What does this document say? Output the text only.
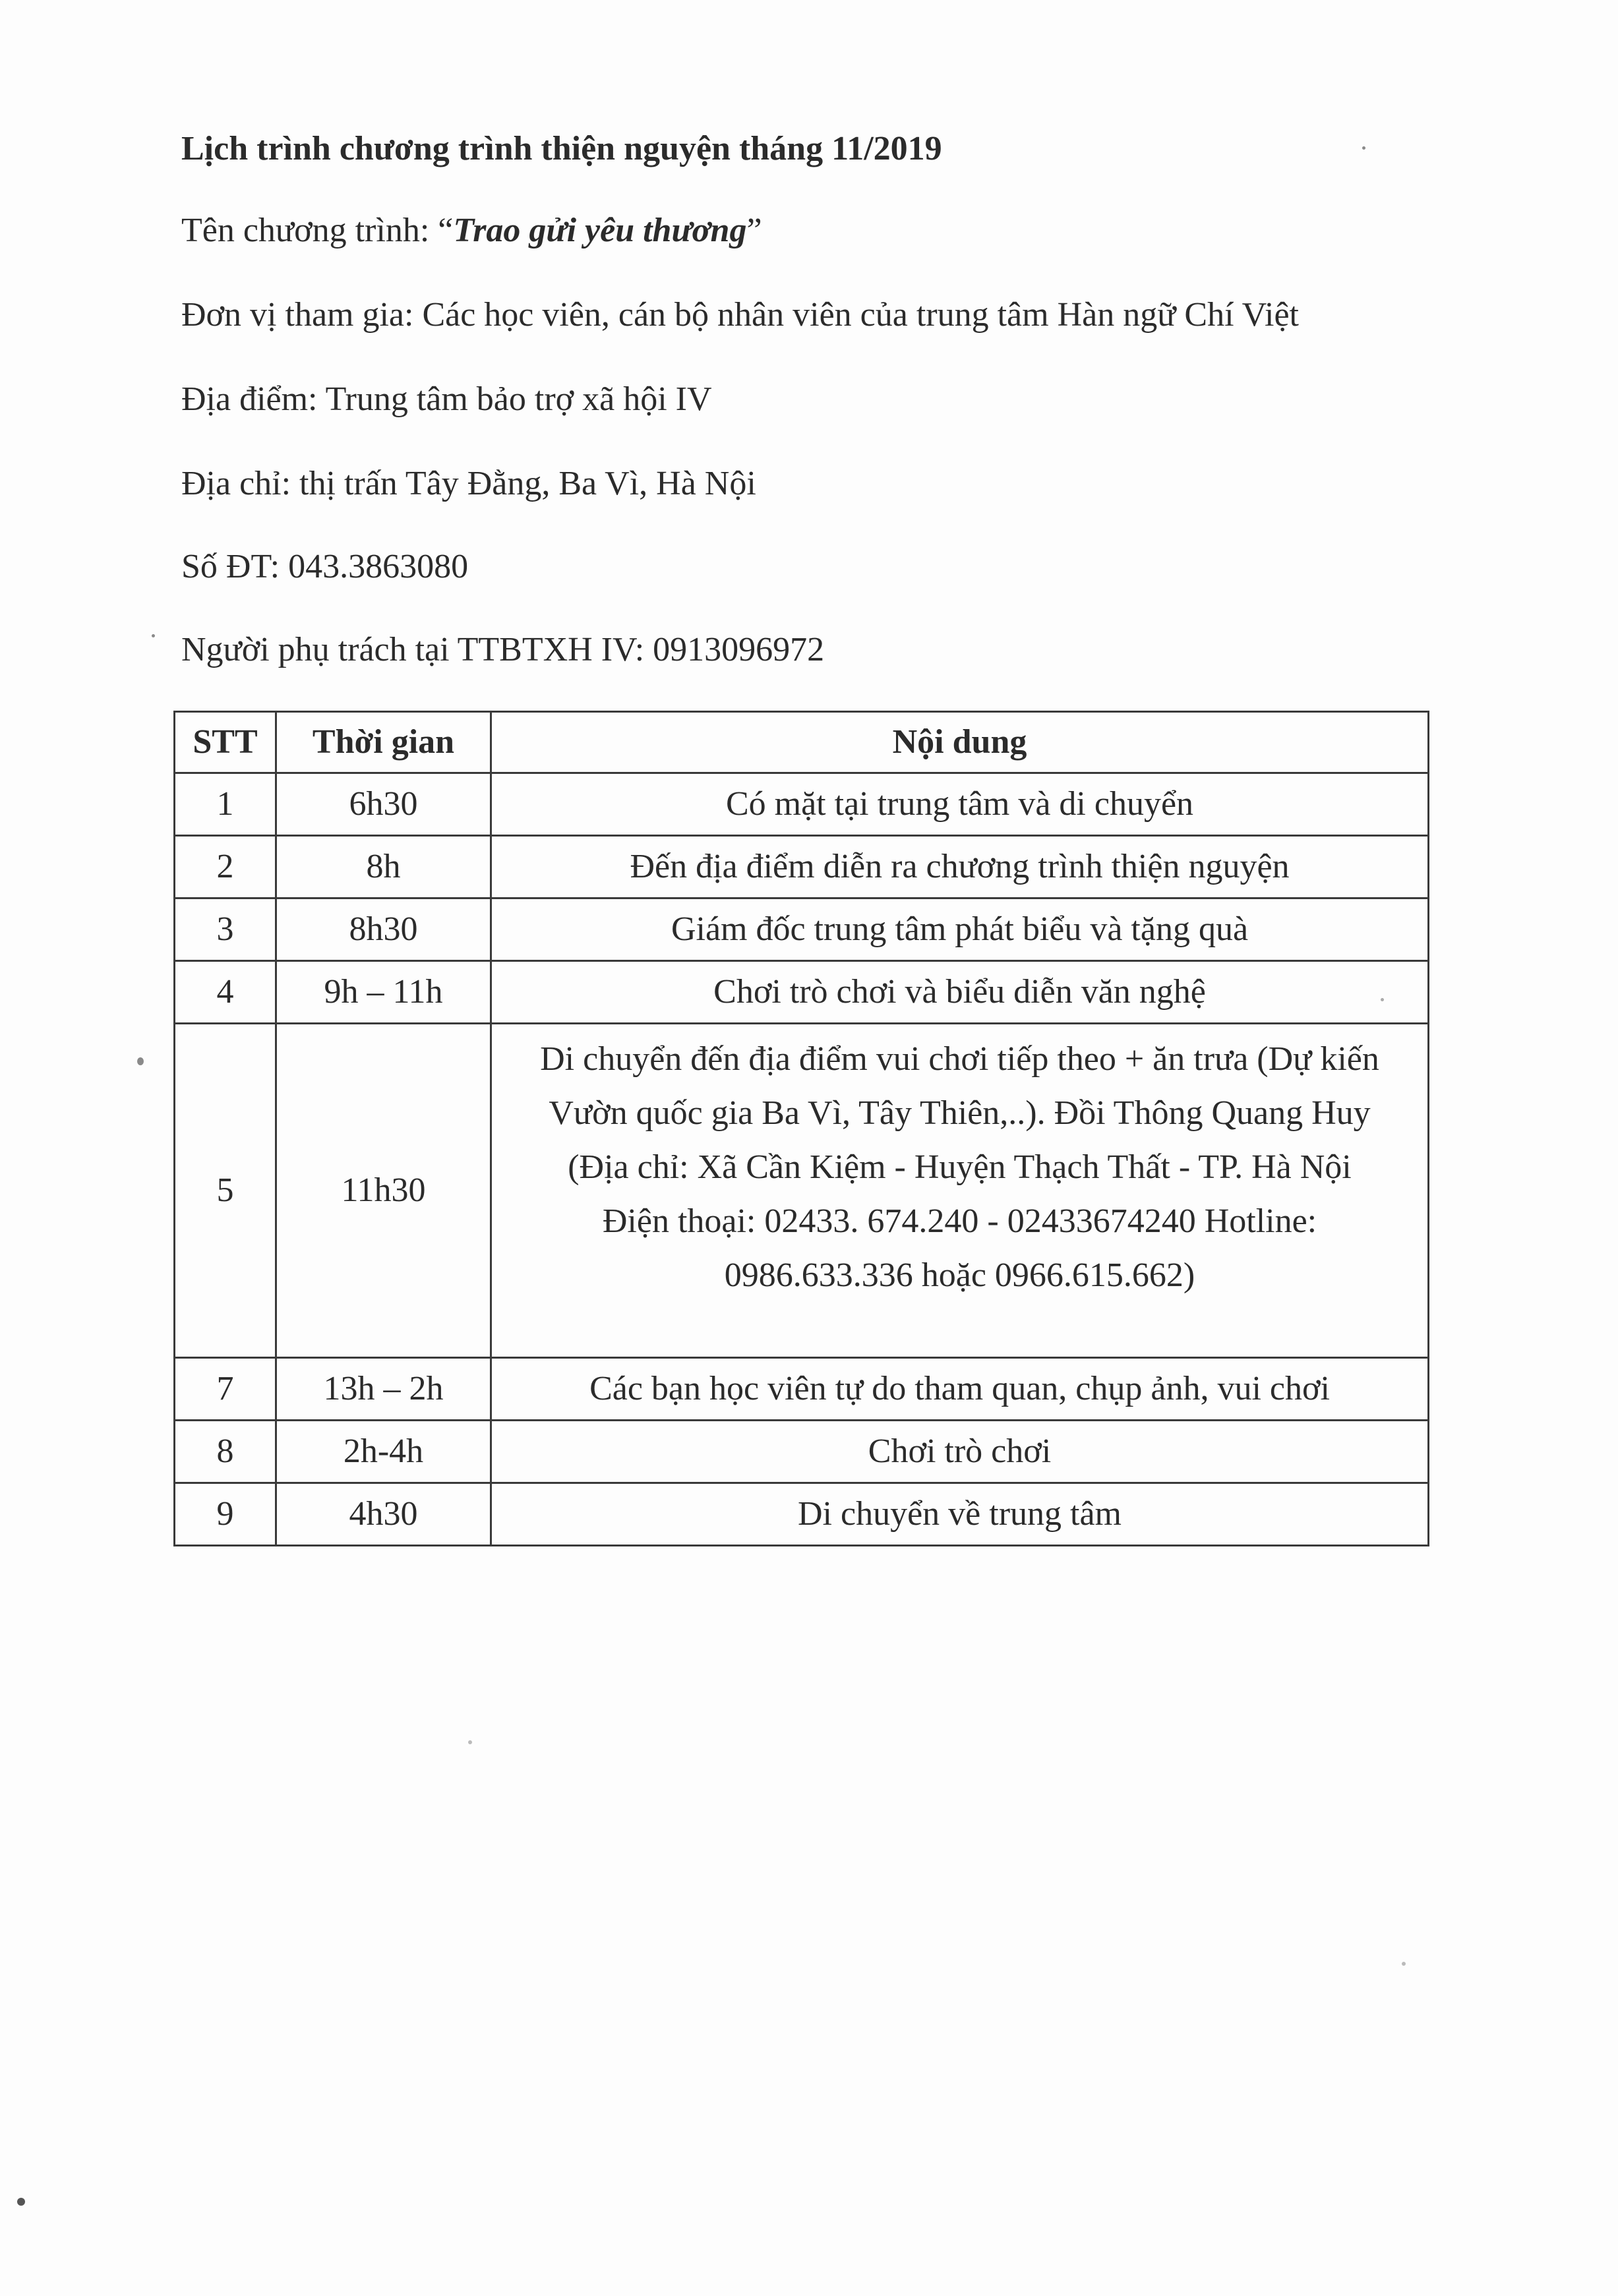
Lịch trình chương trình thiện nguyện tháng 11/2019
Tên chương trình: “Trao gửi yêu thương”
Đơn vị tham gia: Các học viên, cán bộ nhân viên của trung tâm Hàn ngữ Chí Việt
Địa điểm: Trung tâm bảo trợ xã hội IV
Địa chỉ: thị trấn Tây Đằng, Ba Vì, Hà Nội
Số ĐT: 043.3863080
Người phụ trách tại TTBTXH IV: 0913096972
STT	Thời gian	Nội dung
1	6h30	Có mặt tại trung tâm và di chuyển
2	8h	Đến địa điểm diễn ra chương trình thiện nguyện
3	8h30	Giám đốc trung tâm phát biểu và tặng quà
4	9h – 11h	Chơi trò chơi và biểu diễn văn nghệ
5	11h30	Di chuyển đến địa điểm vui chơi tiếp theo + ăn trưa (Dự kiến
Vườn quốc gia Ba Vì, Tây Thiên,..). Đồi Thông Quang Huy
(Địa chỉ: Xã Cần Kiệm - Huyện Thạch Thất - TP. Hà Nội
Điện thoại: 02433. 674.240 - 02433674240 Hotline:
0986.633.336 hoặc 0966.615.662)

7	13h – 2h	Các bạn học viên tự do tham quan, chụp ảnh, vui chơi
8	2h-4h	Chơi trò chơi
9	4h30	Di chuyển về trung tâm
